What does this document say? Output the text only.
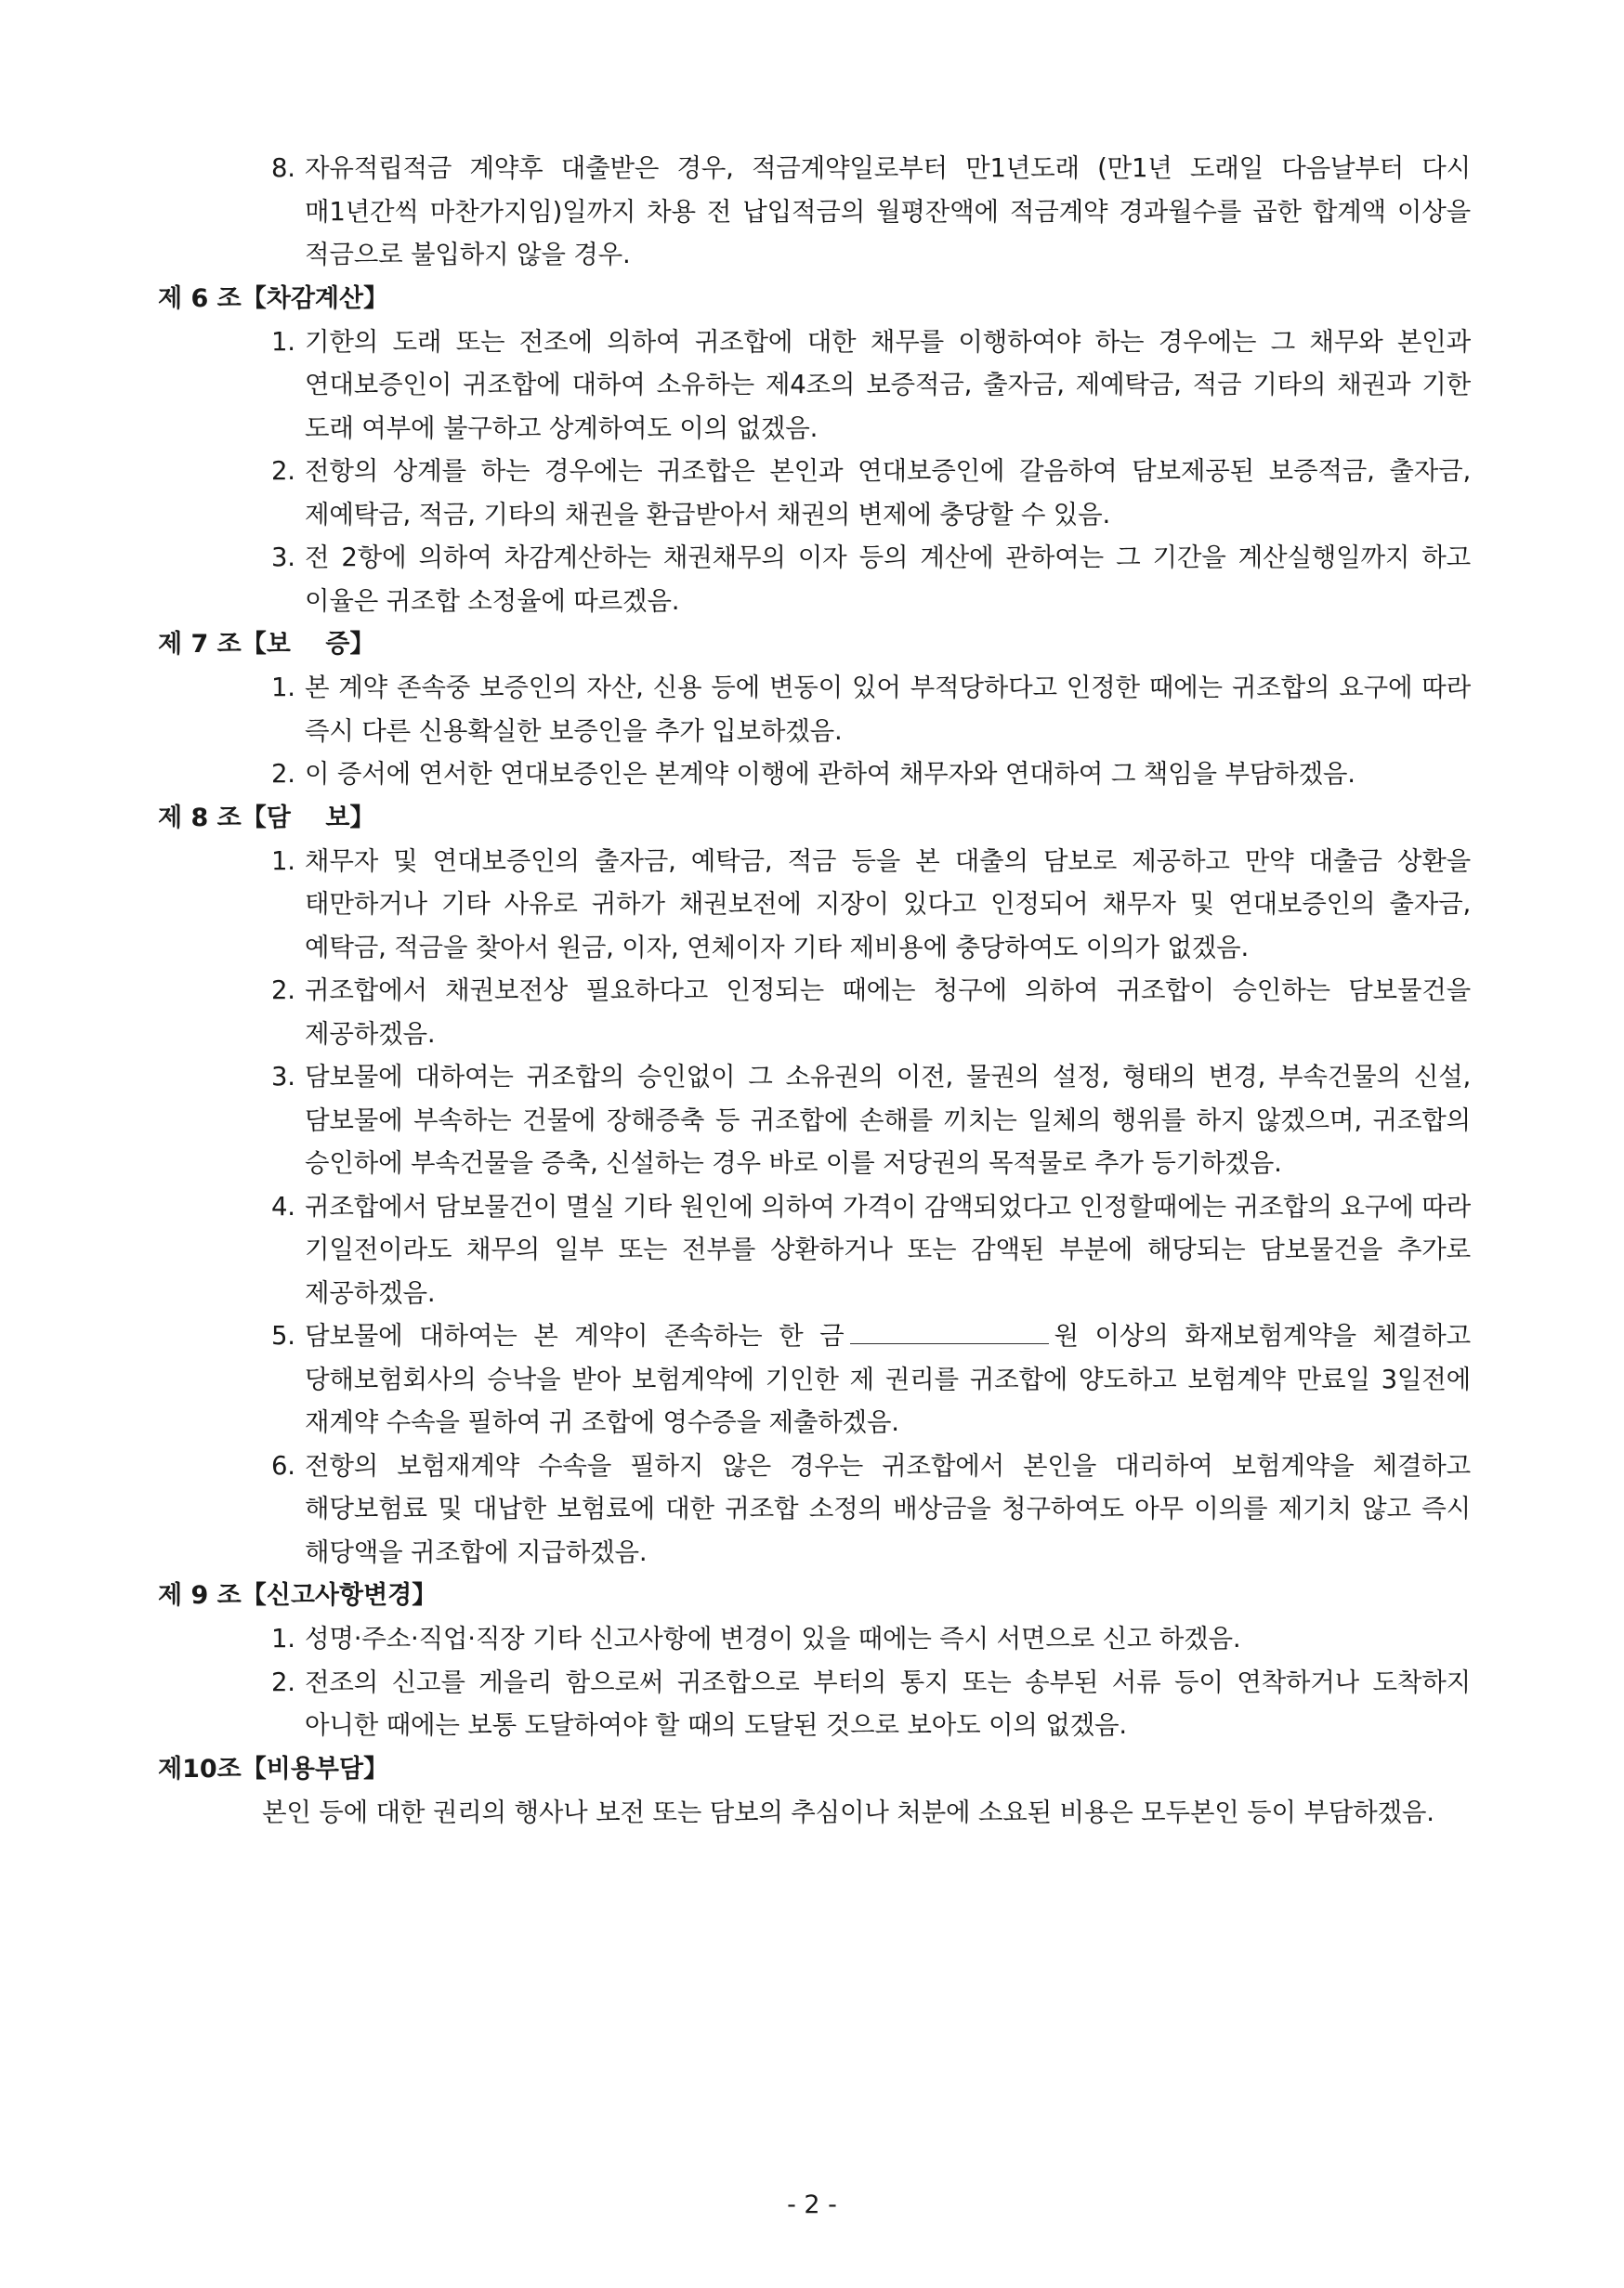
8. 자유적립적금 계약후 대출받은 경우, 적금계약일로부터 만1년도래 (만1년 도래일 다음날부터 다시 매1년간씩 마찬가지임)일까지 차용 전 납입적금의 월평잔액에 적금계약 경과월수를 곱한 합계액 이상을 적금으로 불입하지 않을 경우.
제 6 조【차감계산】
1. 기한의 도래 또는 전조에 의하여 귀조합에 대한 채무를 이행하여야 하는 경우에는 그 채무와 본인과 연대보증인이 귀조합에 대하여 소유하는 제4조의 보증적금, 출자금, 제예탁금, 적금 기타의 채권과 기한 도래 여부에 불구하고 상계하여도 이의 없겠음.
2. 전항의 상계를 하는 경우에는 귀조합은 본인과 연대보증인에 갈음하여 담보제공된 보증적금, 출자금, 제예탁금, 적금, 기타의 채권을 환급받아서 채권의 변제에 충당할 수 있음.
3. 전 2항에 의하여 차감계산하는 채권채무의 이자 등의 계산에 관하여는 그 기간을 계산실행일까지 하고 이율은 귀조합 소정율에 따르겠음.
제 7 조【보    증】
1. 본 계약 존속중 보증인의 자산, 신용 등에 변동이 있어 부적당하다고 인정한 때에는 귀조합의 요구에 따라 즉시 다른 신용확실한 보증인을 추가 입보하겠음.
2. 이 증서에 연서한 연대보증인은 본계약 이행에 관하여 채무자와 연대하여 그 책임을 부담하겠음.
제 8 조【담    보】
1. 채무자 및 연대보증인의 출자금, 예탁금, 적금 등을 본 대출의 담보로 제공하고 만약 대출금 상환을 태만하거나 기타 사유로 귀하가 채권보전에 지장이 있다고 인정되어 채무자 및 연대보증인의 출자금, 예탁금, 적금을 찾아서 원금, 이자, 연체이자 기타 제비용에 충당하여도 이의가 없겠음.
2. 귀조합에서 채권보전상 필요하다고 인정되는 때에는 청구에 의하여 귀조합이 승인하는 담보물건을 제공하겠음.
3. 담보물에 대하여는 귀조합의 승인없이 그 소유권의 이전, 물권의 설정, 형태의 변경, 부속건물의 신설, 담보물에 부속하는 건물에 장해증축 등 귀조합에 손해를 끼치는 일체의 행위를 하지 않겠으며, 귀조합의 승인하에 부속건물을 증축, 신설하는 경우 바로 이를 저당권의 목적물로 추가 등기하겠음.
4. 귀조합에서 담보물건이 멸실 기타 원인에 의하여 가격이 감액되었다고 인정할때에는 귀조합의 요구에 따라 기일전이라도 채무의 일부 또는 전부를 상환하거나 또는 감액된 부분에 해당되는 담보물건을 추가로 제공하겠음.
5. 담보물에 대하여는 본 계약이 존속하는 한 금	원 이상의 화재보험계약을 체결하고 당해보험회사의 승낙을 받아 보험계약에 기인한 제 권리를 귀조합에 양도하고 보험계약 만료일 3일전에 재계약 수속을 필하여 귀 조합에 영수증을 제출하겠음.
6. 전항의 보험재계약 수속을 필하지 않은 경우는 귀조합에서 본인을 대리하여 보험계약을 체결하고 해당보험료 및 대납한 보험료에 대한 귀조합 소정의 배상금을 청구하여도 아무 이의를 제기치 않고 즉시 해당액을 귀조합에 지급하겠음.
제 9 조【신고사항변경】
1. 성명·주소·직업·직장 기타 신고사항에 변경이 있을 때에는 즉시 서면으로 신고 하겠음.
2. 전조의 신고를 게을리 함으로써 귀조합으로 부터의 통지 또는 송부된 서류 등이 연착하거나 도착하지 아니한 때에는 보통 도달하여야 할 때의 도달된 것으로 보아도 이의 없겠음.
제10조【비용부담】
본인 등에 대한 권리의 행사나 보전 또는 담보의 추심이나 처분에 소요된 비용은 모두본인 등이 부담하겠음.
- 2 -
